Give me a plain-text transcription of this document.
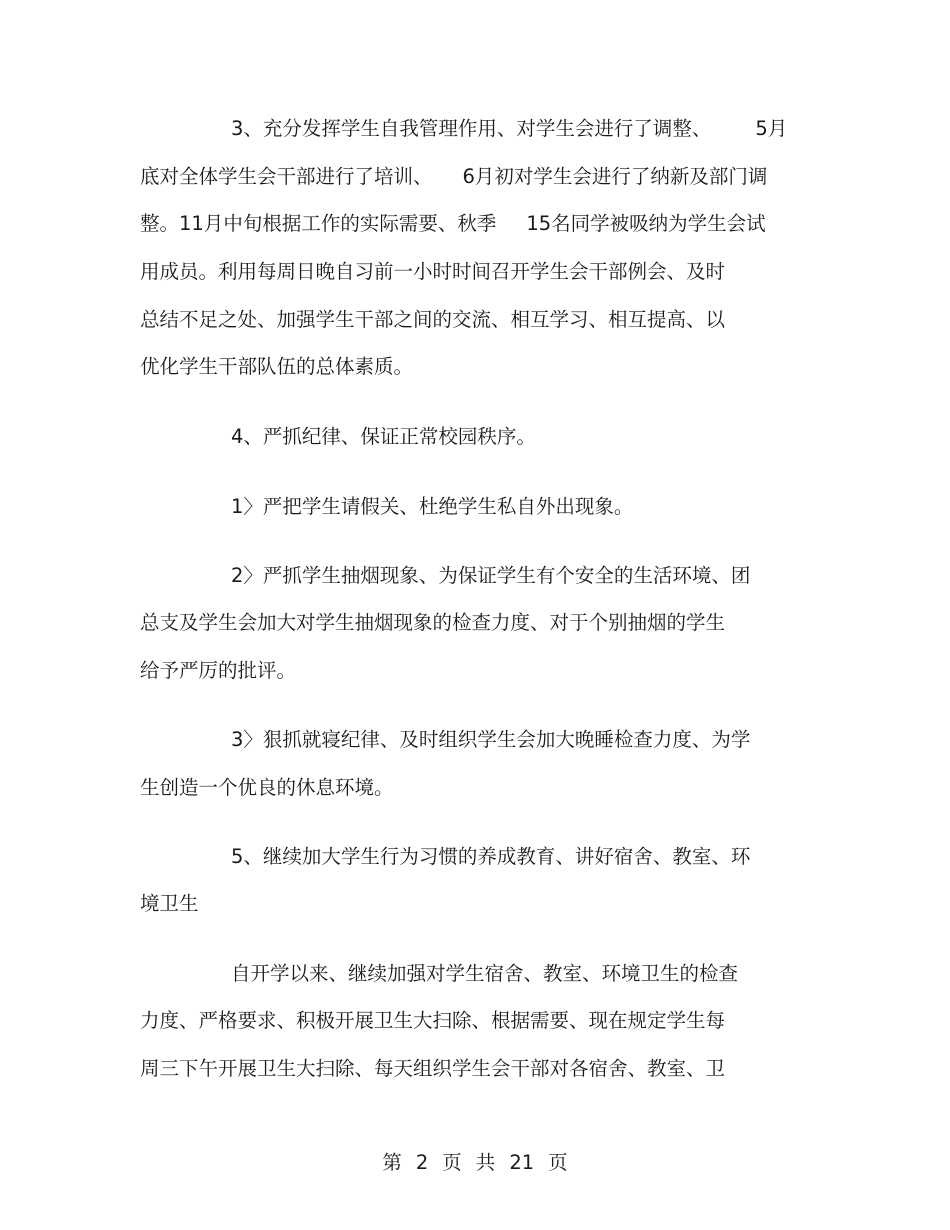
3、充分发挥学生自我管理作用、对学生会进行了调整、 5月
底对全体学生会干部进行了培训、 6月初对学生会进行了纳新及部门调
整。11月中旬根据工作的实际需要、秋季 15名同学被吸纳为学生会试
用成员。利用每周日晚自习前一小时时间召开学生会干部例会、及时
总结不足之处、加强学生干部之间的交流、相互学习、相互提高、以
优化学生干部队伍的总体素质。
4、严抓纪律、保证正常校园秩序。
1〉严把学生请假关、杜绝学生私自外出现象。
2〉严抓学生抽烟现象、为保证学生有个安全的生活环境、团
总支及学生会加大对学生抽烟现象的检查力度、对于个别抽烟的学生
给予严厉的批评。
3〉狠抓就寝纪律、及时组织学生会加大晚睡检查力度、为学
生创造一个优良的休息环境。
5、继续加大学生行为习惯的养成教育、讲好宿舍、教室、环
境卫生
自开学以来、继续加强对学生宿舍、教室、环境卫生的检查
力度、严格要求、积极开展卫生大扫除、根据需要、现在规定学生每
周三下午开展卫生大扫除、每天组织学生会干部对各宿舍、教室、卫
第 2 页 共 21 页
